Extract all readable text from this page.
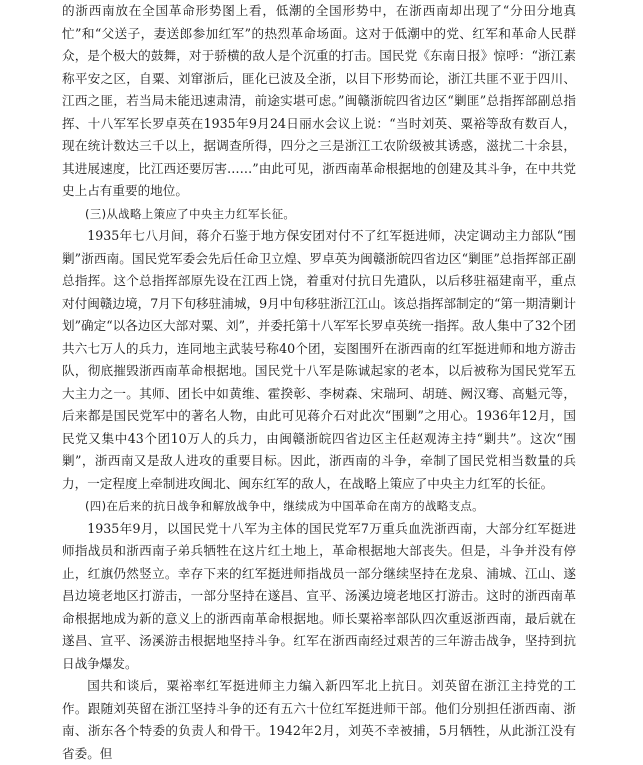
的浙西南放在全国革命形势图上看，低潮的全国形势中，在浙西南却出现了“分田分地真忙”和“父送子，妻送郎参加红军”的热烈革命场面。这对于低潮中的党、红军和革命人民群众，是个极大的鼓舞，对于骄横的敌人是个沉重的打击。国民党《东南日报》惊呼：“浙江素称平安之区，自粟、刘窜浙后，匪化已波及全浙，以目下形势而论，浙江共匪不亚于四川、江西之匪，若当局未能迅速肃清，前途实堪可虑。”闽赣浙皖四省边区“剿匪”总指挥部副总指挥、十八军军长罗卓英在1935年9月24日丽水会议上说：“当时刘英、粟裕等敌有数百人，现在统计数达三千以上，据调查所得，四分之三是浙江工农阶级被其诱惑，滋扰二十余县，其进展速度，比江西还要厉害……”由此可见，浙西南革命根据地的创建及其斗争，在中共党史上占有重要的地位。

(三)从战略上策应了中央主力红军长征。

1935年七八月间，蒋介石鉴于地方保安团对付不了红军挺进师，决定调动主力部队“围剿”浙西南。国民党军委会先后任命卫立煌、罗卓英为闽赣浙皖四省边区“剿匪”总指挥部正副总指挥。这个总指挥部原先设在江西上饶，着重对付抗日先遣队，以后移驻福建南平，重点对付闽赣边境，7月下旬移驻浦城，9月中旬移驻浙江江山。该总指挥部制定的“第一期清剿计划”确定“以各边区大部对粟、刘”，并委托第十八军军长罗卓英统一指挥。敌人集中了32个团共六七万人的兵力，连同地主武装号称40个团，妄图围歼在浙西南的红军挺进师和地方游击队，彻底摧毁浙西南革命根据地。国民党十八军是陈诚起家的老本，以后被称为国民党军五大主力之一。其师、团长中如黄维、霍揆彰、李树森、宋瑞珂、胡琏、阙汉骞、高魁元等，后来都是国民党军中的著名人物，由此可见蒋介石对此次“围剿”之用心。1936年12月，国民党又集中43个团10万人的兵力，由闽赣浙皖四省边区主任赵观涛主持“剿共”。这次“围剿”，浙西南又是敌人进攻的重要目标。因此，浙西南的斗争，牵制了国民党相当数量的兵力，一定程度上牵制进攻闽北、闽东红军的敌人，在战略上策应了中央主力红军的长征。

(四)在后来的抗日战争和解放战争中，继续成为中国革命在南方的战略支点。

1935年9月，以国民党十八军为主体的国民党军7万重兵血洗浙西南，大部分红军挺进师指战员和浙西南子弟兵牺牲在这片红土地上，革命根据地大部丧失。但是，斗争并没有停止，红旗仍然竖立。幸存下来的红军挺进师指战员一部分继续坚持在龙泉、浦城、江山、遂昌边境老地区打游击，一部分坚持在遂昌、宣平、汤溪边境老地区打游击。这时的浙西南革命根据地成为新的意义上的浙西南革命根据地。师长粟裕率部队四次重返浙西南，最后就在遂昌、宣平、汤溪游击根据地坚持斗争。红军在浙西南经过艰苦的三年游击战争，坚持到抗日战争爆发。

国共和谈后，粟裕率红军挺进师主力编入新四军北上抗日。刘英留在浙江主持党的工作。跟随刘英留在浙江坚持斗争的还有五六十位红军挺进师干部。他们分别担任浙西南、浙南、浙东各个特委的负责人和骨干。1942年2月，刘英不幸被捕，5月牺牲，从此浙江没有省委。但
